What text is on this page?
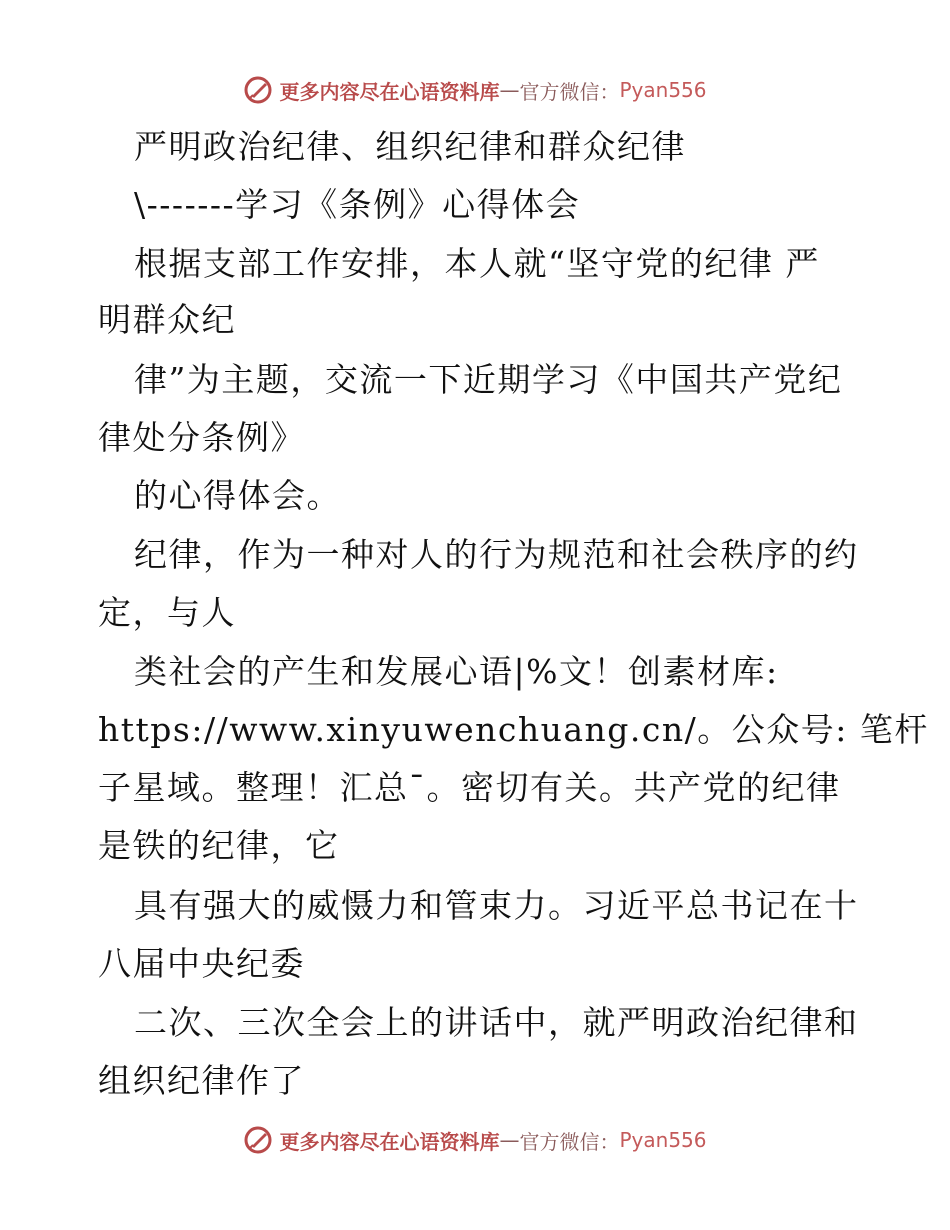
更多内容尽在心语资料库 — 官方微信： Pyan556
严明政治纪律、组织纪律和群众纪律
\-------学习《条例》心得体会
根据支部工作安排，本人就“坚守党的纪律 严
明群众纪
律”为主题，交流一下近期学习《中国共产党纪
律处分条例》
的心得体会。
纪律，作为一种对人的行为规范和社会秩序的约
定，与人
类社会的产生和发展心语|%文！创素材库:
https://www.xinyuwenchuang.cn/。公众号: 笔杆
子星域。整理！汇总¯。密切有关。共产党的纪律
是铁的纪律，它
具有强大的威慑力和管束力。习近平总书记在十
八届中央纪委
二次、三次全会上的讲话中，就严明政治纪律和
组织纪律作了
更多内容尽在心语资料库 — 官方微信： Pyan556
